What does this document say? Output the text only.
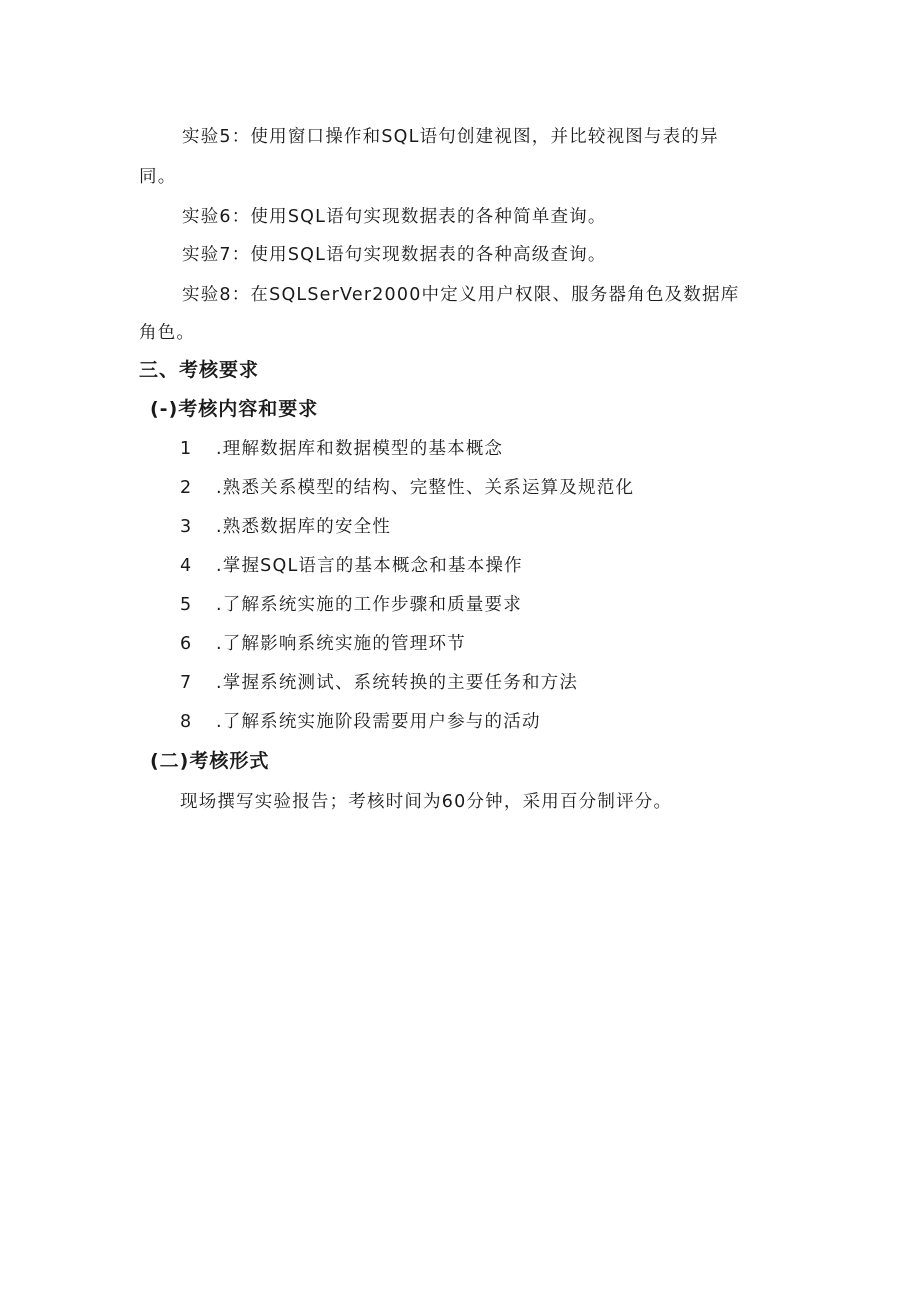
实验5：使用窗口操作和SQL语句创建视图，并比较视图与表的异
同。
实验6：使用SQL语句实现数据表的各种简单查询。
实验7：使用SQL语句实现数据表的各种高级查询。
实验8：在SQLSerVer2000中定义用户权限、服务器角色及数据库
角色。
三、考核要求
(-)考核内容和要求
1 .理解数据库和数据模型的基本概念
2 .熟悉关系模型的结构、完整性、关系运算及规范化
3 .熟悉数据库的安全性
4 .掌握SQL语言的基本概念和基本操作
5 .了解系统实施的工作步骤和质量要求
6 .了解影响系统实施的管理环节
7 .掌握系统测试、系统转换的主要任务和方法
8 .了解系统实施阶段需要用户参与的活动
(二)考核形式
现场撰写实验报告；考核时间为60分钟，采用百分制评分。
